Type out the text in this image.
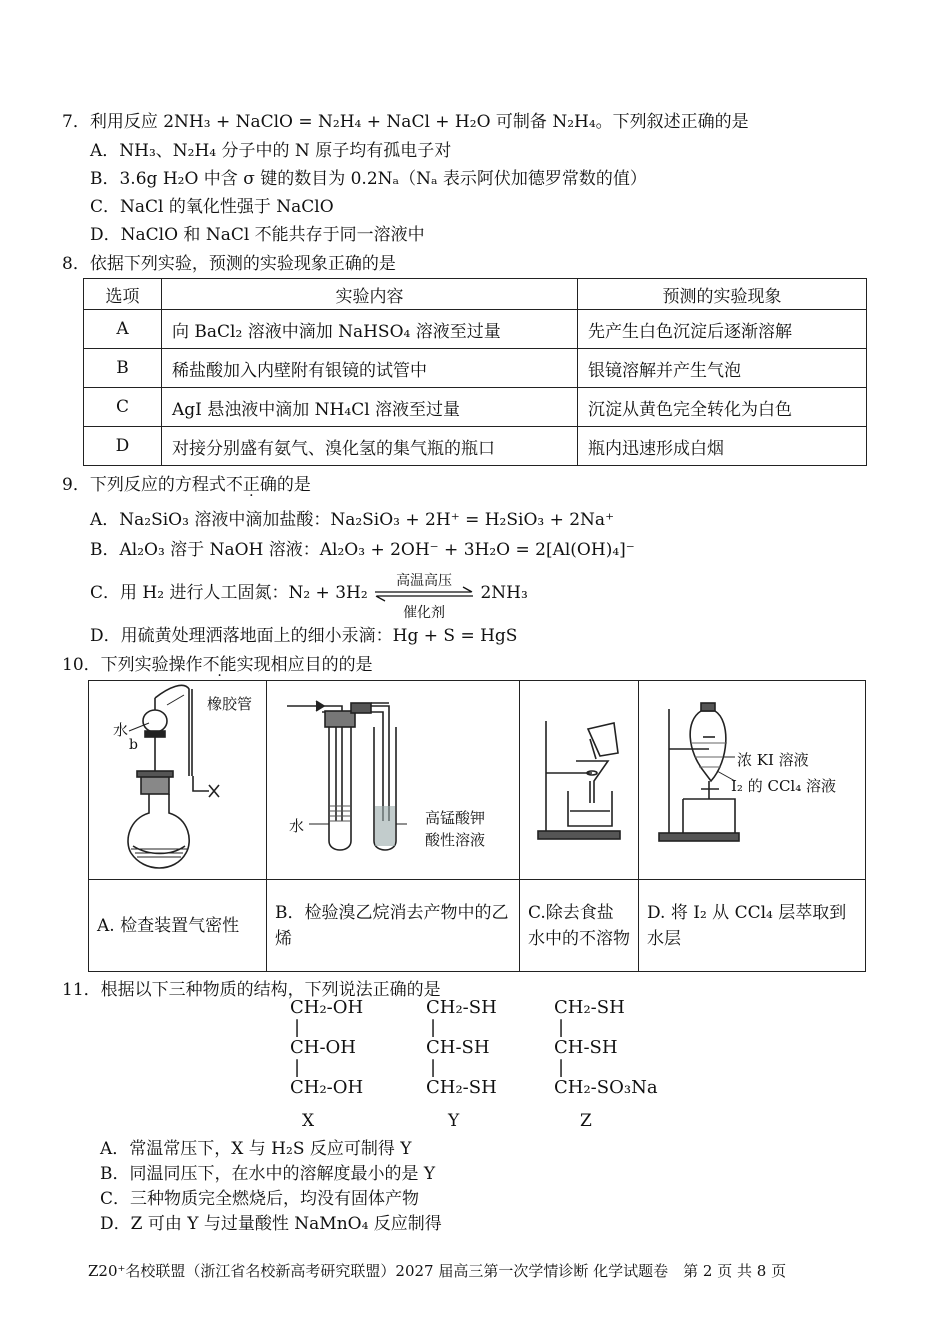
7．利用反应 2NH₃ + NaClO = N₂H₄ + NaCl + H₂O 可制备 N₂H₄。下列叙述正确的是
A．NH₃、N₂H₄ 分子中的 N 原子均有孤电子对
B．3.6g H₂O 中含 σ 键的数目为 0.2Nₐ（Nₐ 表示阿伏加德罗常数的值）
C．NaCl 的氧化性强于 NaClO
D．NaClO 和 NaCl 不能共存于同一溶液中
8．依据下列实验，预测的实验现象正确的是
选项	实验内容	预测的实验现象
A	向 BaCl₂ 溶液中滴加 NaHSO₄ 溶液至过量	先产生白色沉淀后逐渐溶解
B	稀盐酸加入内壁附有银镜的试管中	银镜溶解并产生气泡
C	AgI 悬浊液中滴加 NH₄Cl 溶液至过量	沉淀从黄色完全转化为白色
D	对接分别盛有氨气、溴化氢的集气瓶的瓶口	瓶内迅速形成白烟
9．下列反应的方程式不正确的是
A．Na₂SiO₃ 溶液中滴加盐酸：Na₂SiO₃ + 2H⁺ = H₂SiO₃ + 2Na⁺
B．Al₂O₃ 溶于 NaOH 溶液：Al₂O₃ + 2OH⁻ + 3H₂O = 2[Al(OH)₄]⁻
C．用 H₂ 进行人工固氮：N₂ + 3H₂
高温高压
催化剂
2NH₃
D．用硫黄处理洒落地面上的细小汞滴：Hg + S = HgS
10．下列实验操作不能实现相应目的的是
橡胶管
水
b	水 高锰酸钾
酸性溶液		浓 KI 溶液
I₂ 的 CCl₄ 溶液

A. 检查装置气密性	B．检验溴乙烷消去产物中的乙烯	C.除去食盐水中的不溶物	D. 将 I₂ 从 CCl₄ 层萃取到水层
11．根据以下三种物质的结构，下列说法正确的是
CH₂-OH
|
CH-OH
|
CH₂-OH
CH₂-SH
|
CH-SH
|
CH₂-SH
CH₂-SH
|
CH-SH
|
CH₂-SO₃Na
X	Y	Z
A．常温常压下，X 与 H₂S 反应可制得 Y
B．同温同压下，在水中的溶解度最小的是 Y
C．三种物质完全燃烧后，均没有固体产物
D．Z 可由 Y 与过量酸性 NaMnO₄ 反应制得
Z20⁺名校联盟（浙江省名校新高考研究联盟）2027 届高三第一次学情诊断 化学试题卷　第 2 页 共 8 页
